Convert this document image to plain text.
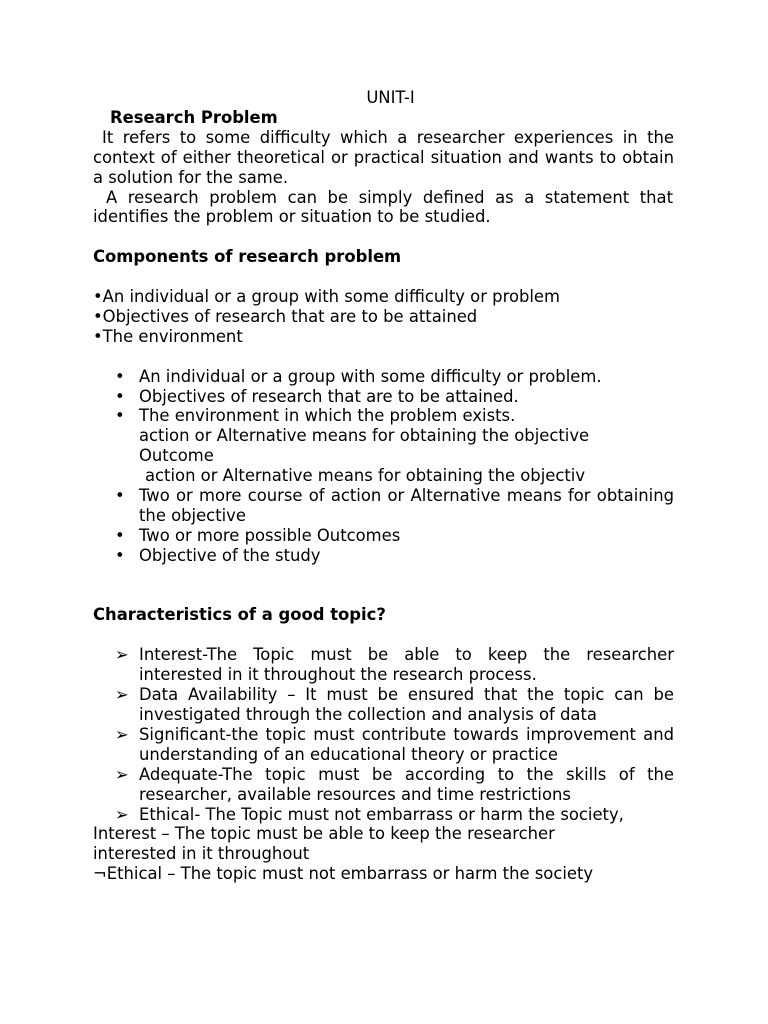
UNIT-I
Research Problem

It refers to some difficulty which a researcher experiences in the context of either theoretical or practical situation and wants to obtain a solution for the same.

A research problem can be simply defined as a statement that identifies the problem or situation to be studied.

Components of research problem
•An individual or a group with some difficulty or problem
•Objectives of research that are to be attained
•The environment
• An individual or a group with some difficulty or problem.
• Objectives of research that are to be attained.
• The environment in which the problem exists.
action or Alternative means for obtaining the objective
Outcome
action or Alternative means for obtaining the objectiv
• Two or more course of action or Alternative means for obtaining the objective
• Two or more possible Outcomes
• Objective of the study
Characteristics of a good topic?
➢ Interest-The Topic must be able to keep the researcher interested in it throughout the research process.
➢ Data Availability – It must be ensured that the topic can be investigated through the collection and analysis of data
➢ Significant-the topic must contribute towards improvement and understanding of an educational theory or practice
➢ Adequate-The topic must be according to the skills of the researcher, available resources and time restrictions
➢ Ethical- The Topic must not embarrass or harm the society,
Interest – The topic must be able to keep the researcher interested in it throughout
¬Ethical – The topic must not embarrass or harm the society
